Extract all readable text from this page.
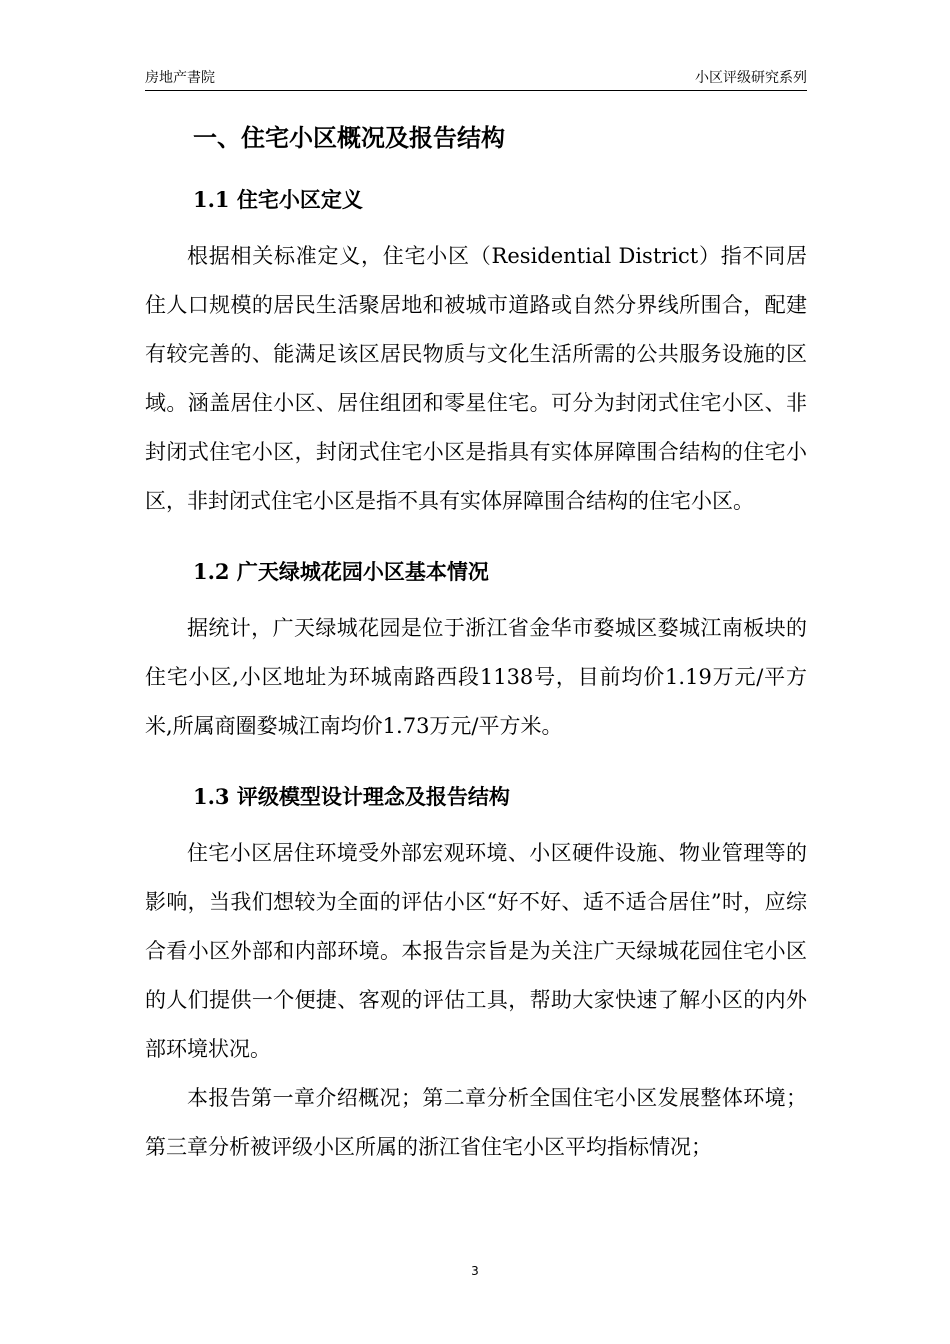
房地产書院	小区评级研究系列
一、住宅小区概况及报告结构
1.1 住宅小区定义

根据相关标准定义，住宅小区（Residential District）指不同居住人口规模的居民生活聚居地和被城市道路或自然分界线所围合，配建有较完善的、能满足该区居民物质与文化生活所需的公共服务设施的区域。涵盖居住小区、居住组团和零星住宅。可分为封闭式住宅小区、非封闭式住宅小区，封闭式住宅小区是指具有实体屏障围合结构的住宅小区，非封闭式住宅小区是指不具有实体屏障围合结构的住宅小区。

1.2 广天绿城花园小区基本情况

据统计，广天绿城花园是位于浙江省金华市婺城区婺城江南板块的住宅小区,小区地址为环城南路西段1138号，目前均价1.19万元/平方米,所属商圈婺城江南均价1.73万元/平方米。

1.3 评级模型设计理念及报告结构

住宅小区居住环境受外部宏观环境、小区硬件设施、物业管理等的影响，当我们想较为全面的评估小区“好不好、适不适合居住”时，应综合看小区外部和内部环境。本报告宗旨是为关注广天绿城花园住宅小区的人们提供一个便捷、客观的评估工具，帮助大家快速了解小区的内外部环境状况。

本报告第一章介绍概况；第二章分析全国住宅小区发展整体环境；第三章分析被评级小区所属的浙江省住宅小区平均指标情况；

3
